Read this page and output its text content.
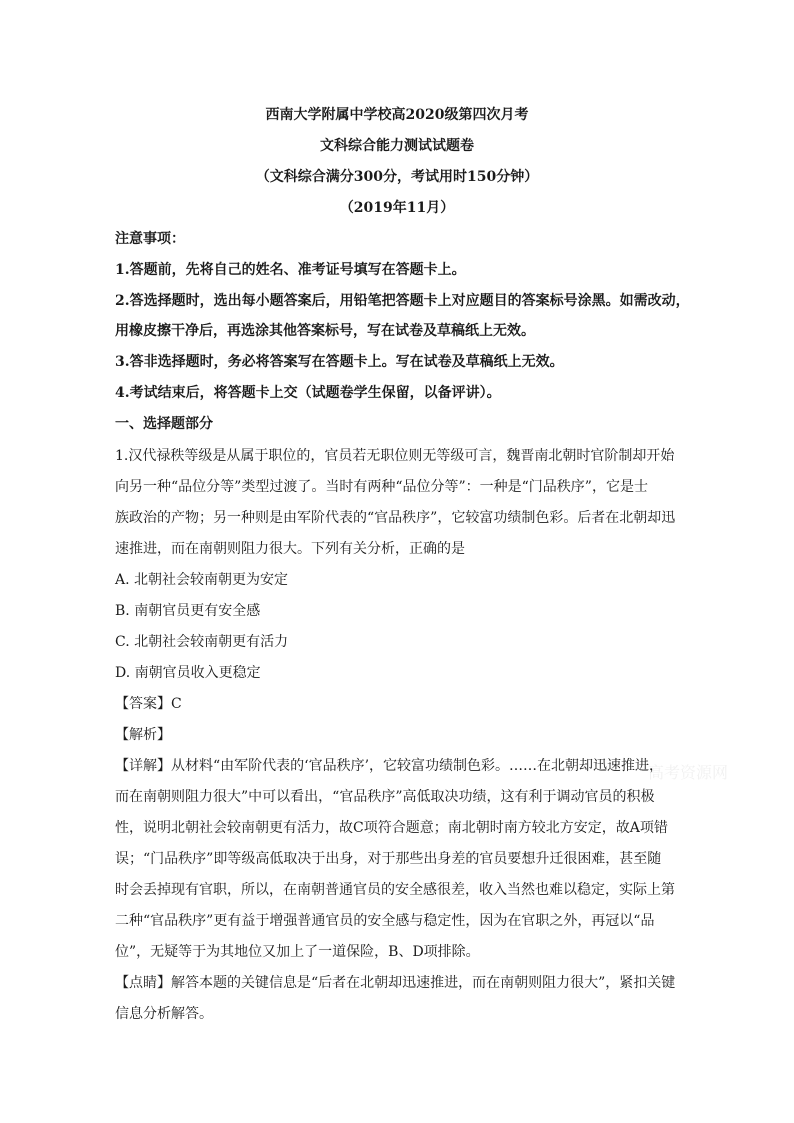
西南大学附属中学校高2020级第四次月考
文科综合能力测试试题卷
（文科综合满分300分，考试用时150分钟）
（2019年11月）
注意事项：
1.答题前，先将自己的姓名、准考证号填写在答题卡上。
2.答选择题时，选出每小题答案后，用铅笔把答题卡上对应题目的答案标号涂黑。如需改动，
用橡皮擦干净后，再选涂其他答案标号，写在试卷及草稿纸上无效。
3.答非选择题时，务必将答案写在答题卡上。写在试卷及草稿纸上无效。
4.考试结束后，将答题卡上交（试题卷学生保留，以备评讲）。
一、选择题部分
1.汉代禄秩等级是从属于职位的，官员若无职位则无等级可言，魏晋南北朝时官阶制却开始
向另一种“品位分等”类型过渡了。当时有两种“品位分等”：一种是“门品秩序”，它是士
族政治的产物；另一种则是由军阶代表的“官品秩序”，它较富功绩制色彩。后者在北朝却迅
速推进，而在南朝则阻力很大。下列有关分析，正确的是
A. 北朝社会较南朝更为安定
B. 南朝官员更有安全感
C. 北朝社会较南朝更有活力
D. 南朝官员收入更稳定
【答案】C
【解析】
【详解】从材料“由军阶代表的‘官品秩序’，它较富功绩制色彩。……在北朝却迅速推进，
而在南朝则阻力很大”中可以看出，“官品秩序”高低取决功绩，这有利于调动官员的积极
性，说明北朝社会较南朝更有活力，故C项符合题意；南北朝时南方较北方安定，故A项错
误；“门品秩序”即等级高低取决于出身，对于那些出身差的官员要想升迁很困难，甚至随
时会丢掉现有官职，所以，在南朝普通官员的安全感很差，收入当然也难以稳定，实际上第
二种“官品秩序”更有益于增强普通官员的安全感与稳定性，因为在官职之外，再冠以“品
位”，无疑等于为其地位又加上了一道保险，B、D项排除。
【点睛】解答本题的关键信息是“后者在北朝却迅速推进，而在南朝则阻力很大”，紧扣关键
信息分析解答。
高考资源网
